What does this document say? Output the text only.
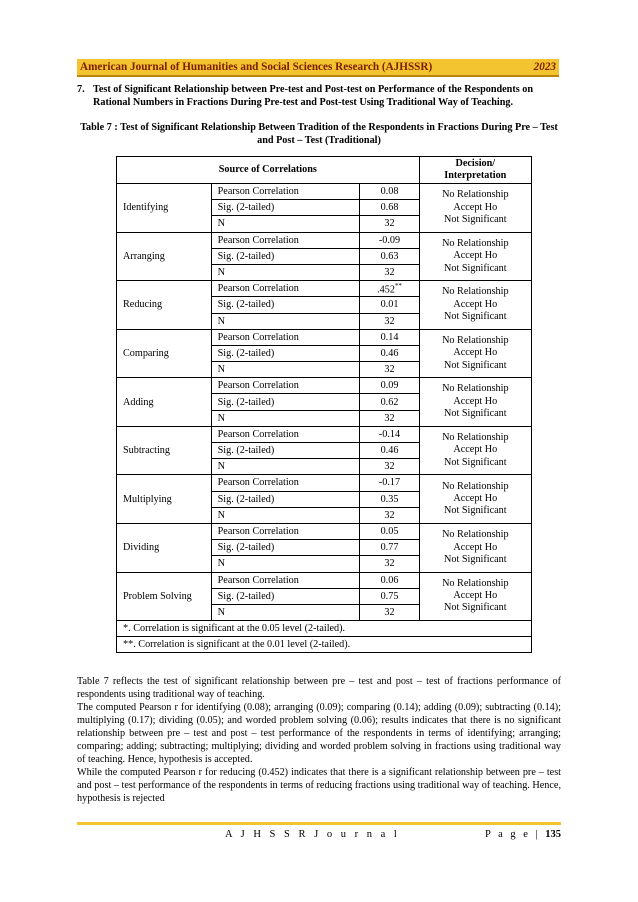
American Journal of Humanities and Social Sciences Research (AJHSSR)	2023
7. Test of Significant Relationship between Pre-test and Post-test on Performance of the Respondents on Rational Numbers in Fractions During Pre-test and Post-test Using Traditional Way of Teaching.
Table 7 : Test of Significant Relationship Between Tradition of the Respondents in Fractions During Pre – Test and Post – Test (Traditional)
Source of Correlations			Decision/
Interpretation
Identifying	Pearson Correlation	0.08	No Relationship
Accept Ho
Not Significant
	Sig. (2-tailed)	0.68	
	N	32	
Arranging	Pearson Correlation	-0.09	No Relationship
Accept Ho
Not Significant
	Sig. (2-tailed)	0.63	
	N	32	
Reducing	Pearson Correlation	.452**	No Relationship
Accept Ho
Not Significant
	Sig. (2-tailed)	0.01	
	N	32	
Comparing	Pearson Correlation	0.14	No Relationship
Accept Ho
Not Significant
	Sig. (2-tailed)	0.46	
	N	32	
Adding	Pearson Correlation	0.09	No Relationship
Accept Ho
Not Significant
	Sig. (2-tailed)	0.62	
	N	32	
Subtracting	Pearson Correlation	-0.14	No Relationship
Accept Ho
Not Significant
	Sig. (2-tailed)	0.46	
	N	32	
Multiplying	Pearson Correlation	-0.17	No Relationship
Accept Ho
Not Significant
	Sig. (2-tailed)	0.35	
	N	32	
Dividing	Pearson Correlation	0.05	No Relationship
Accept Ho
Not Significant
	Sig. (2-tailed)	0.77	
	N	32	
Problem Solving	Pearson Correlation	0.06	No Relationship
Accept Ho
Not Significant
	Sig. (2-tailed)	0.75	
	N	32	
*. Correlation is significant at the 0.05 level (2-tailed).			
**. Correlation is significant at the 0.01 level (2-tailed).			

Table 7 reflects the test of significant relationship between pre – test and post – test of fractions performance of respondents using traditional way of teaching.

The computed Pearson r for identifying (0.08); arranging (0.09); comparing (0.14); adding (0.09); subtracting (0.14); multiplying (0.17); dividing (0.05); and worded problem solving (0.06); results indicates that there is no significant relationship between pre – test and post – test performance of the respondents in terms of identifying; arranging; comparing; adding; subtracting; multiplying; dividing and worded problem solving in fractions using traditional way of teaching. Hence, hypothesis is accepted.

While the computed Pearson r for reducing (0.452) indicates that there is a significant relationship between pre – test and post – test performance of the respondents in terms of reducing fractions using traditional way of teaching. Hence, hypothesis is rejected

A J H S S R J o u r n a l	P a g e | 135
